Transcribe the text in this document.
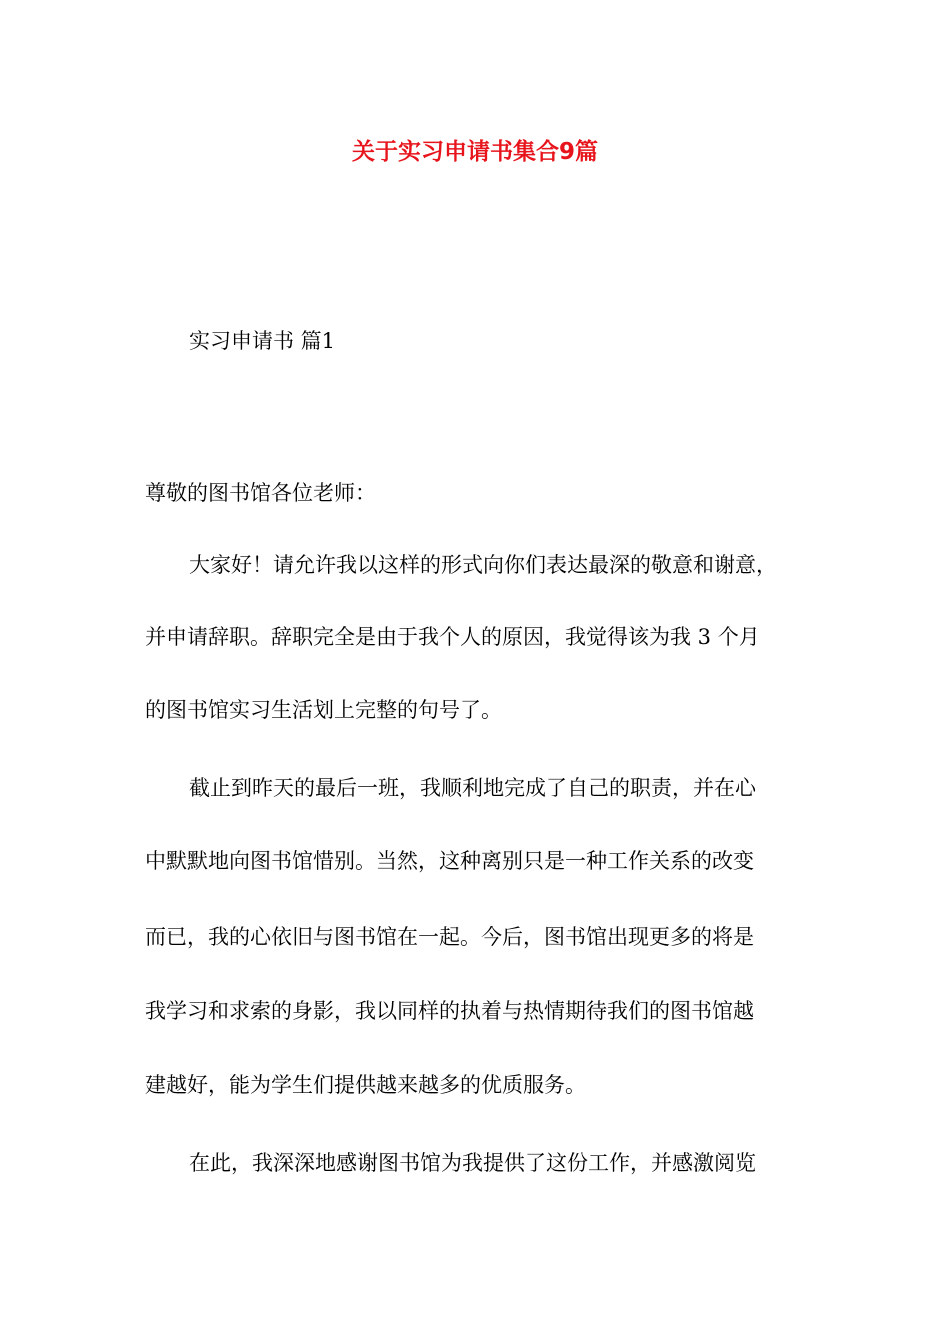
关于实习申请书集合9篇

实习申请书 篇1

尊敬的图书馆各位老师：

大家好！请允许我以这样的形式向你们表达最深的敬意和谢意，

并申请辞职。辞职完全是由于我个人的原因，我觉得该为我 3 个月

的图书馆实习生活划上完整的句号了。

截止到昨天的最后一班，我顺利地完成了自己的职责，并在心

中默默地向图书馆惜别。当然，这种离别只是一种工作关系的改变

而已，我的心依旧与图书馆在一起。今后，图书馆出现更多的将是

我学习和求索的身影，我以同样的执着与热情期待我们的图书馆越

建越好，能为学生们提供越来越多的优质服务。

在此，我深深地感谢图书馆为我提供了这份工作，并感激阅览
